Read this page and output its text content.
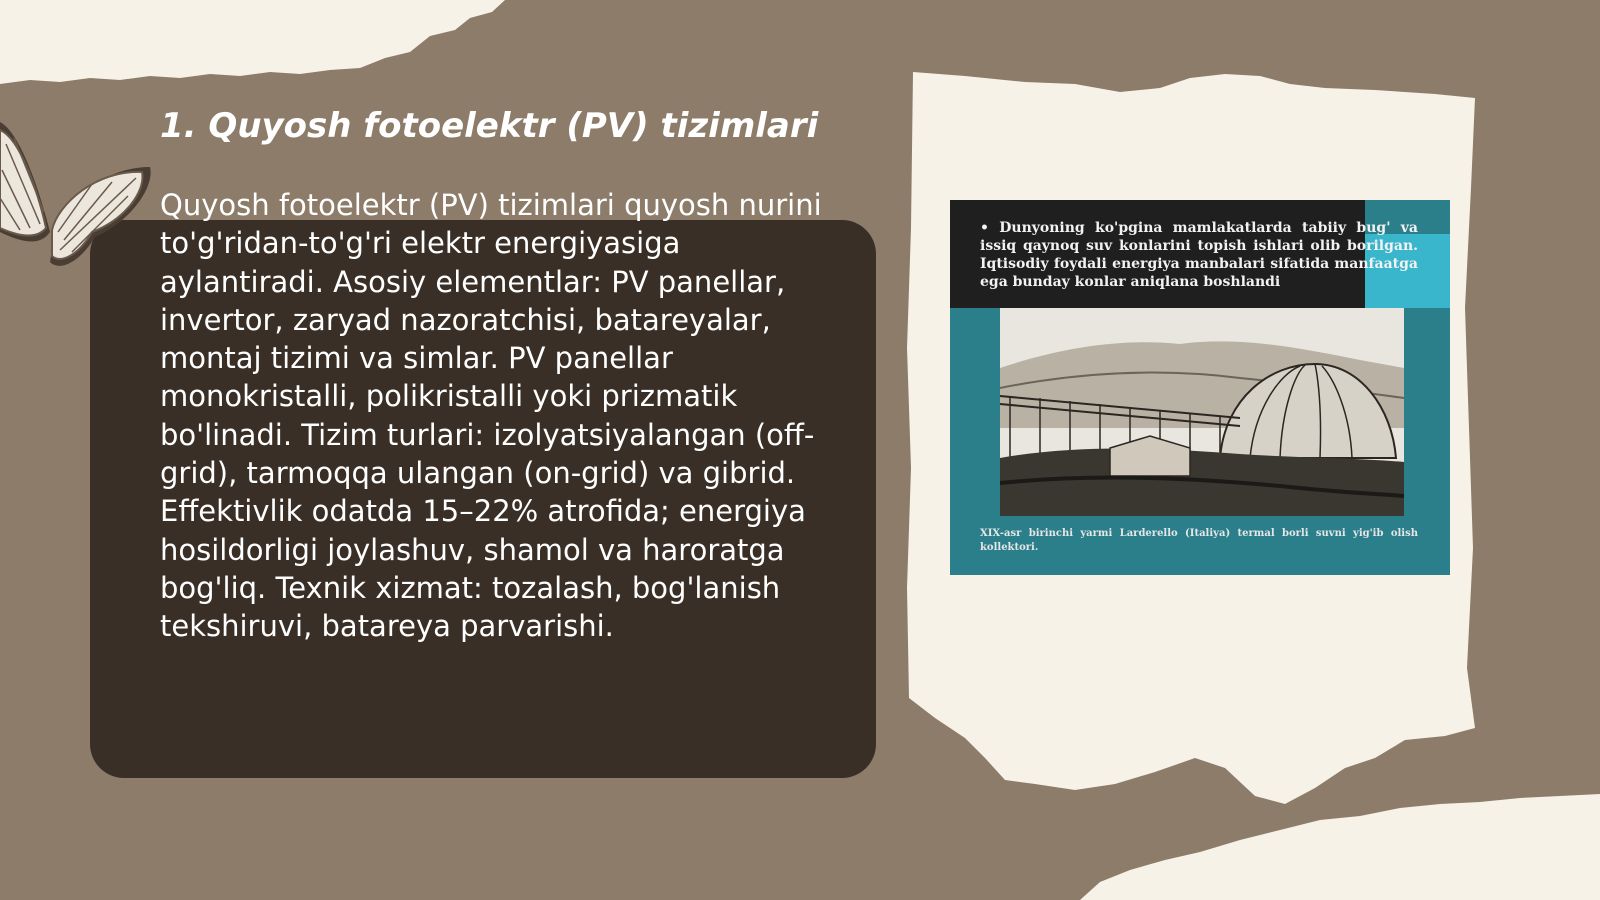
1. Quyosh fotoelektr (PV) tizimlari

Quyosh fotoelektr (PV) tizimlari quyosh nurini to'g'ridan-to'g'ri elektr energiyasiga aylantiradi. Asosiy elementlar: PV panellar, invertor, zaryad nazoratchisi, batareyalar, montaj tizimi va simlar. PV panellar monokristalli, polikristalli yoki prizmatik bo'linadi. Tizim turlari: izolyatsiyalangan (off-grid), tarmoqqa ulangan (on-grid) va gibrid. Effektivlik odatda 15–22% atrofida; energiya hosildorligi joylashuv, shamol va haroratga bog'liq. Texnik xizmat: tozalash, bog'lanish tekshiruvi, batareya parvarishi.

• Dunyoning ko'pgina mamlakatlarda tabiiy bug' va issiq qaynoq suv konlarini topish ishlari olib borilgan. Iqtisodiy foydali energiya manbalari sifatida manfaatga ega bunday konlar aniqlana boshlandi

XIX-asr birinchi yarmi Larderello (Italiya) termal borli suvni yig'ib olish kollektori.
